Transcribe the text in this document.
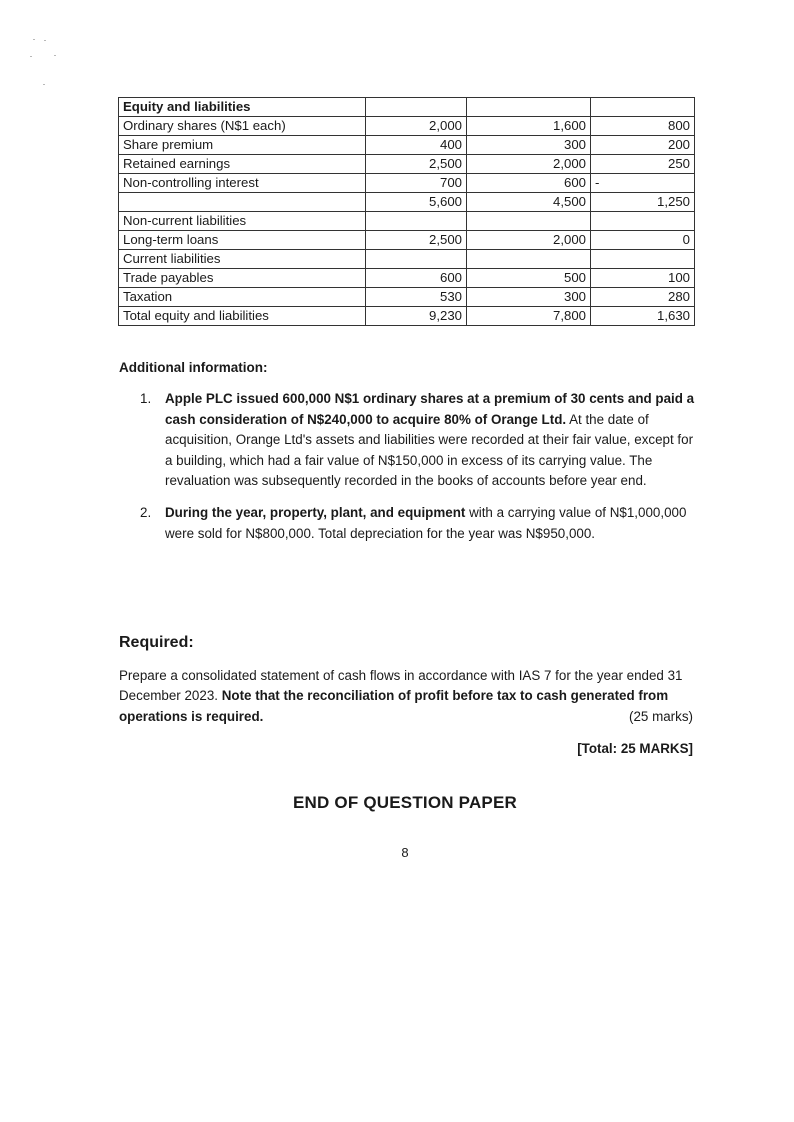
Equity and liabilities			
Ordinary shares (N$1 each)	2,000	1,600	800
Share premium	400	300	200
Retained earnings	2,500	2,000	250
Non-controlling interest	700	600	-
	5,600	4,500	1,250
Non-current liabilities			
Long-term loans	2,500	2,000	0
Current liabilities			
Trade payables	600	500	100
Taxation	530	300	280
Total equity and liabilities	9,230	7,800	1,630
Additional information:
1. Apple PLC issued 600,000 N$1 ordinary shares at a premium of 30 cents and paid a cash consideration of N$240,000 to acquire 80% of Orange Ltd. At the date of acquisition, Orange Ltd's assets and liabilities were recorded at their fair value, except for a building, which had a fair value of N$150,000 in excess of its carrying value. The revaluation was subsequently recorded in the books of accounts before year end.
2. During the year, property, plant, and equipment with a carrying value of N$1,000,000 were sold for N$800,000. Total depreciation for the year was N$950,000.
Required:
Prepare a consolidated statement of cash flows in accordance with IAS 7 for the year ended 31 December 2023. Note that the reconciliation of profit before tax to cash generated from operations is required.	(25 marks)
[Total: 25 MARKS]
END OF QUESTION PAPER
8
